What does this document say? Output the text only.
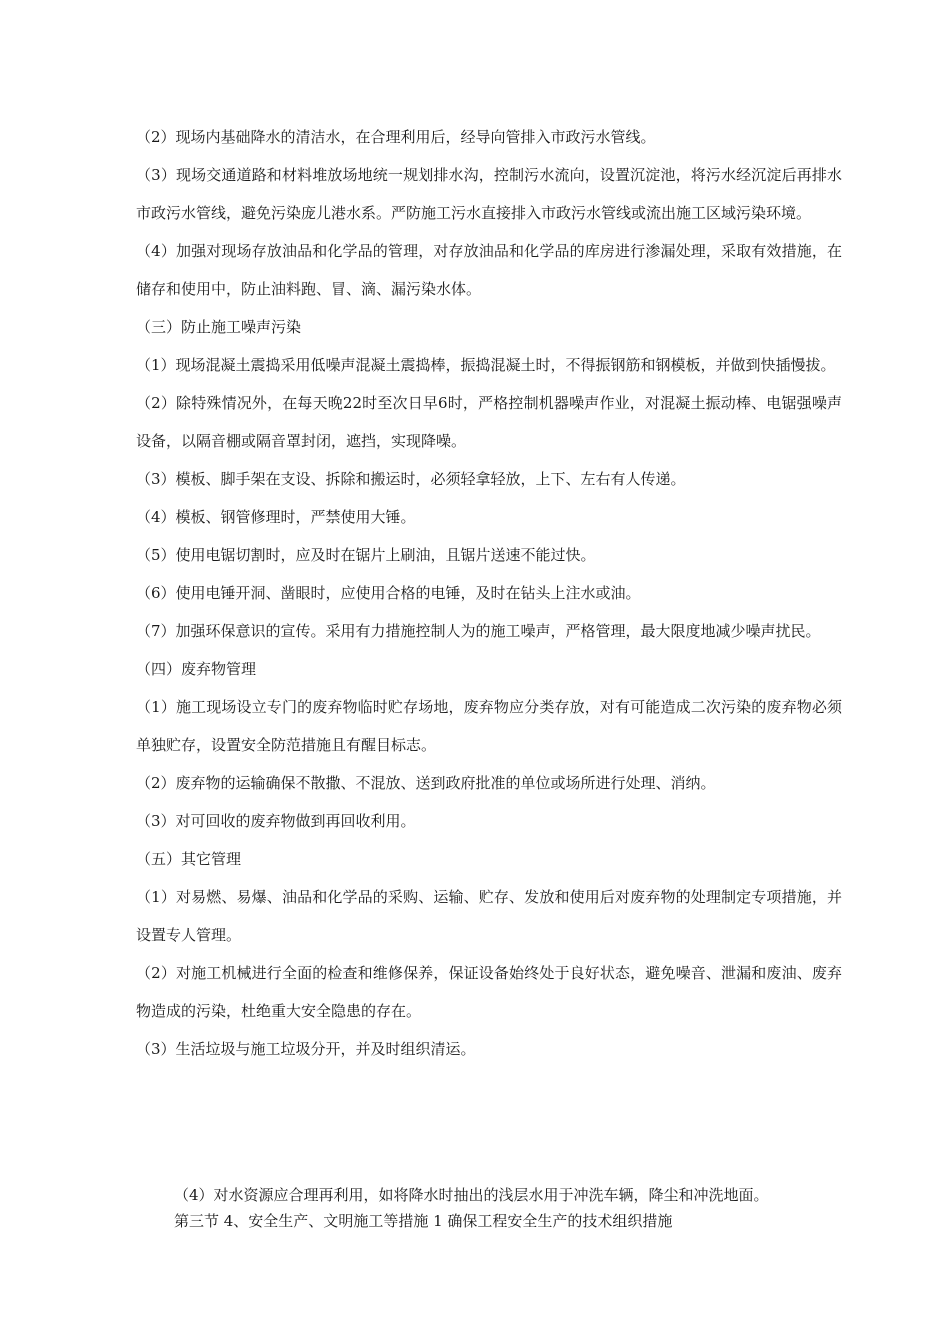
（2）现场内基础降水的清洁水，在合理利用后，经导向管排入市政污水管线。

（3）现场交通道路和材料堆放场地统一规划排水沟，控制污水流向，设置沉淀池，将污水经沉淀后再排水市政污水管线，避免污染庞儿港水系。严防施工污水直接排入市政污水管线或流出施工区域污染环境。

（4）加强对现场存放油品和化学品的管理，对存放油品和化学品的库房进行渗漏处理，采取有效措施，在储存和使用中，防止油料跑、冒、滴、漏污染水体。

（三）防止施工噪声污染

（1）现场混凝土震捣采用低噪声混凝土震捣棒，振捣混凝土时，不得振钢筋和钢模板，并做到快插慢拔。

（2）除特殊情况外，在每天晚22时至次日早6时，严格控制机器噪声作业，对混凝土振动棒、电锯强噪声设备，以隔音棚或隔音罩封闭，遮挡，实现降噪。

（3）模板、脚手架在支设、拆除和搬运时，必须轻拿轻放，上下、左右有人传递。

（4）模板、钢管修理时，严禁使用大锤。

（5）使用电锯切割时，应及时在锯片上刷油，且锯片送速不能过快。

（6）使用电锤开洞、凿眼时，应使用合格的电锤，及时在钻头上注水或油。

（7）加强环保意识的宣传。采用有力措施控制人为的施工噪声，严格管理，最大限度地减少噪声扰民。

（四）废弃物管理

（1）施工现场设立专门的废弃物临时贮存场地，废弃物应分类存放，对有可能造成二次污染的废弃物必须单独贮存，设置安全防范措施且有醒目标志。

（2）废弃物的运输确保不散撒、不混放、送到政府批准的单位或场所进行处理、消纳。

（3）对可回收的废弃物做到再回收利用。

（五）其它管理

（1）对易燃、易爆、油品和化学品的采购、运输、贮存、发放和使用后对废弃物的处理制定专项措施，并设置专人管理。

（2）对施工机械进行全面的检查和维修保养，保证设备始终处于良好状态，避免噪音、泄漏和废油、废弃物造成的污染，杜绝重大安全隐患的存在。

（3）生活垃圾与施工垃圾分开，并及时组织清运。

（4）对水资源应合理再利用，如将降水时抽出的浅层水用于冲洗车辆，降尘和冲洗地面。

第三节 4、安全生产、文明施工等措施 1 确保工程安全生产的技术组织措施
